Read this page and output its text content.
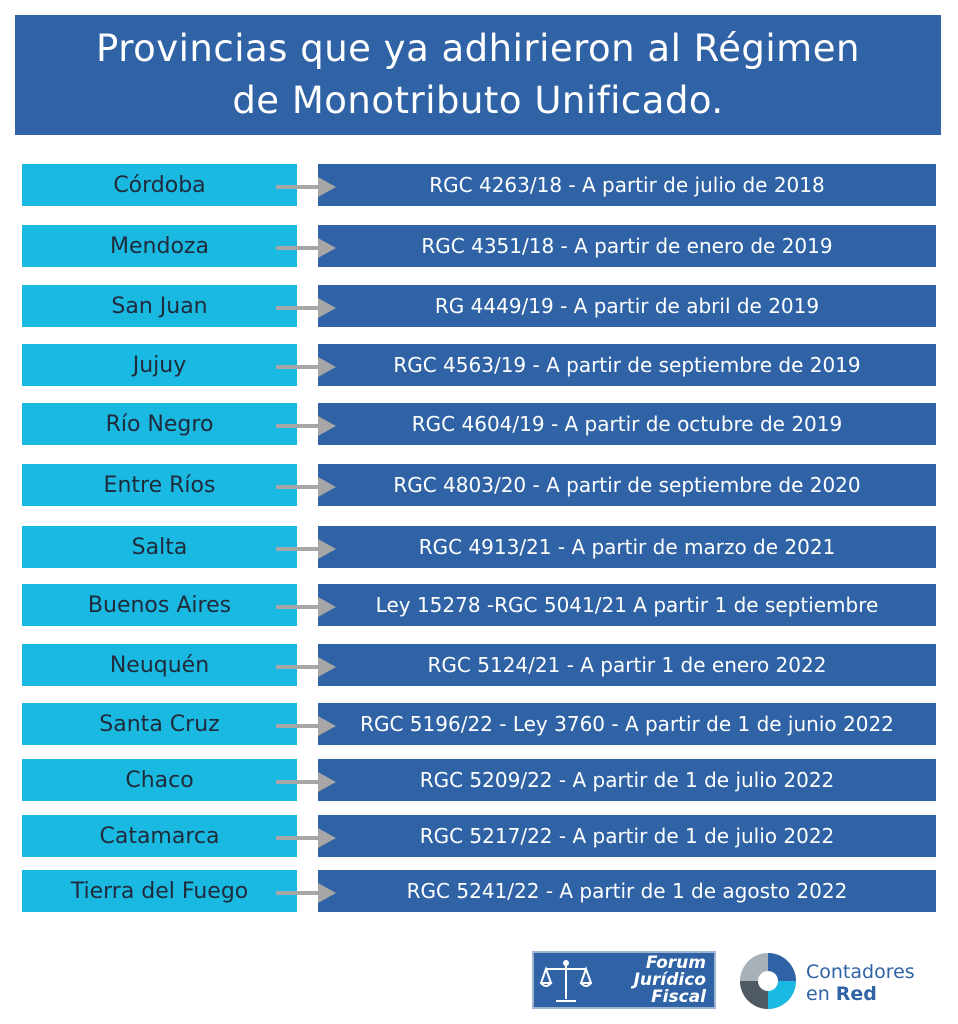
Provincias que ya adhirieron al Régimen
de Monotributo Unificado.
Córdoba	RGC 4263/18 - A partir de julio de 2018
Mendoza	RGC 4351/18 - A partir de enero de 2019
San Juan	RG 4449/19 - A partir de abril de 2019
Jujuy	RGC 4563/19 - A partir de septiembre de 2019
Río Negro	RGC 4604/19 - A partir de octubre de 2019
Entre Ríos	RGC 4803/20 - A partir de septiembre de 2020
Salta	RGC 4913/21 - A partir de marzo de 2021
Buenos Aires	Ley 15278 -RGC 5041/21 A partir 1 de septiembre
Neuquén	RGC 5124/21 - A partir 1 de enero 2022
Santa Cruz	RGC 5196/22 - Ley 3760 - A partir de 1 de junio 2022
Chaco	RGC 5209/22 - A partir de 1 de julio 2022
Catamarca	RGC 5217/22 - A partir de 1 de julio 2022
Tierra del Fuego	RGC 5241/22 - A partir de 1 de agosto 2022
Forum
Jurídico
Fiscal
Contadores
en Red
